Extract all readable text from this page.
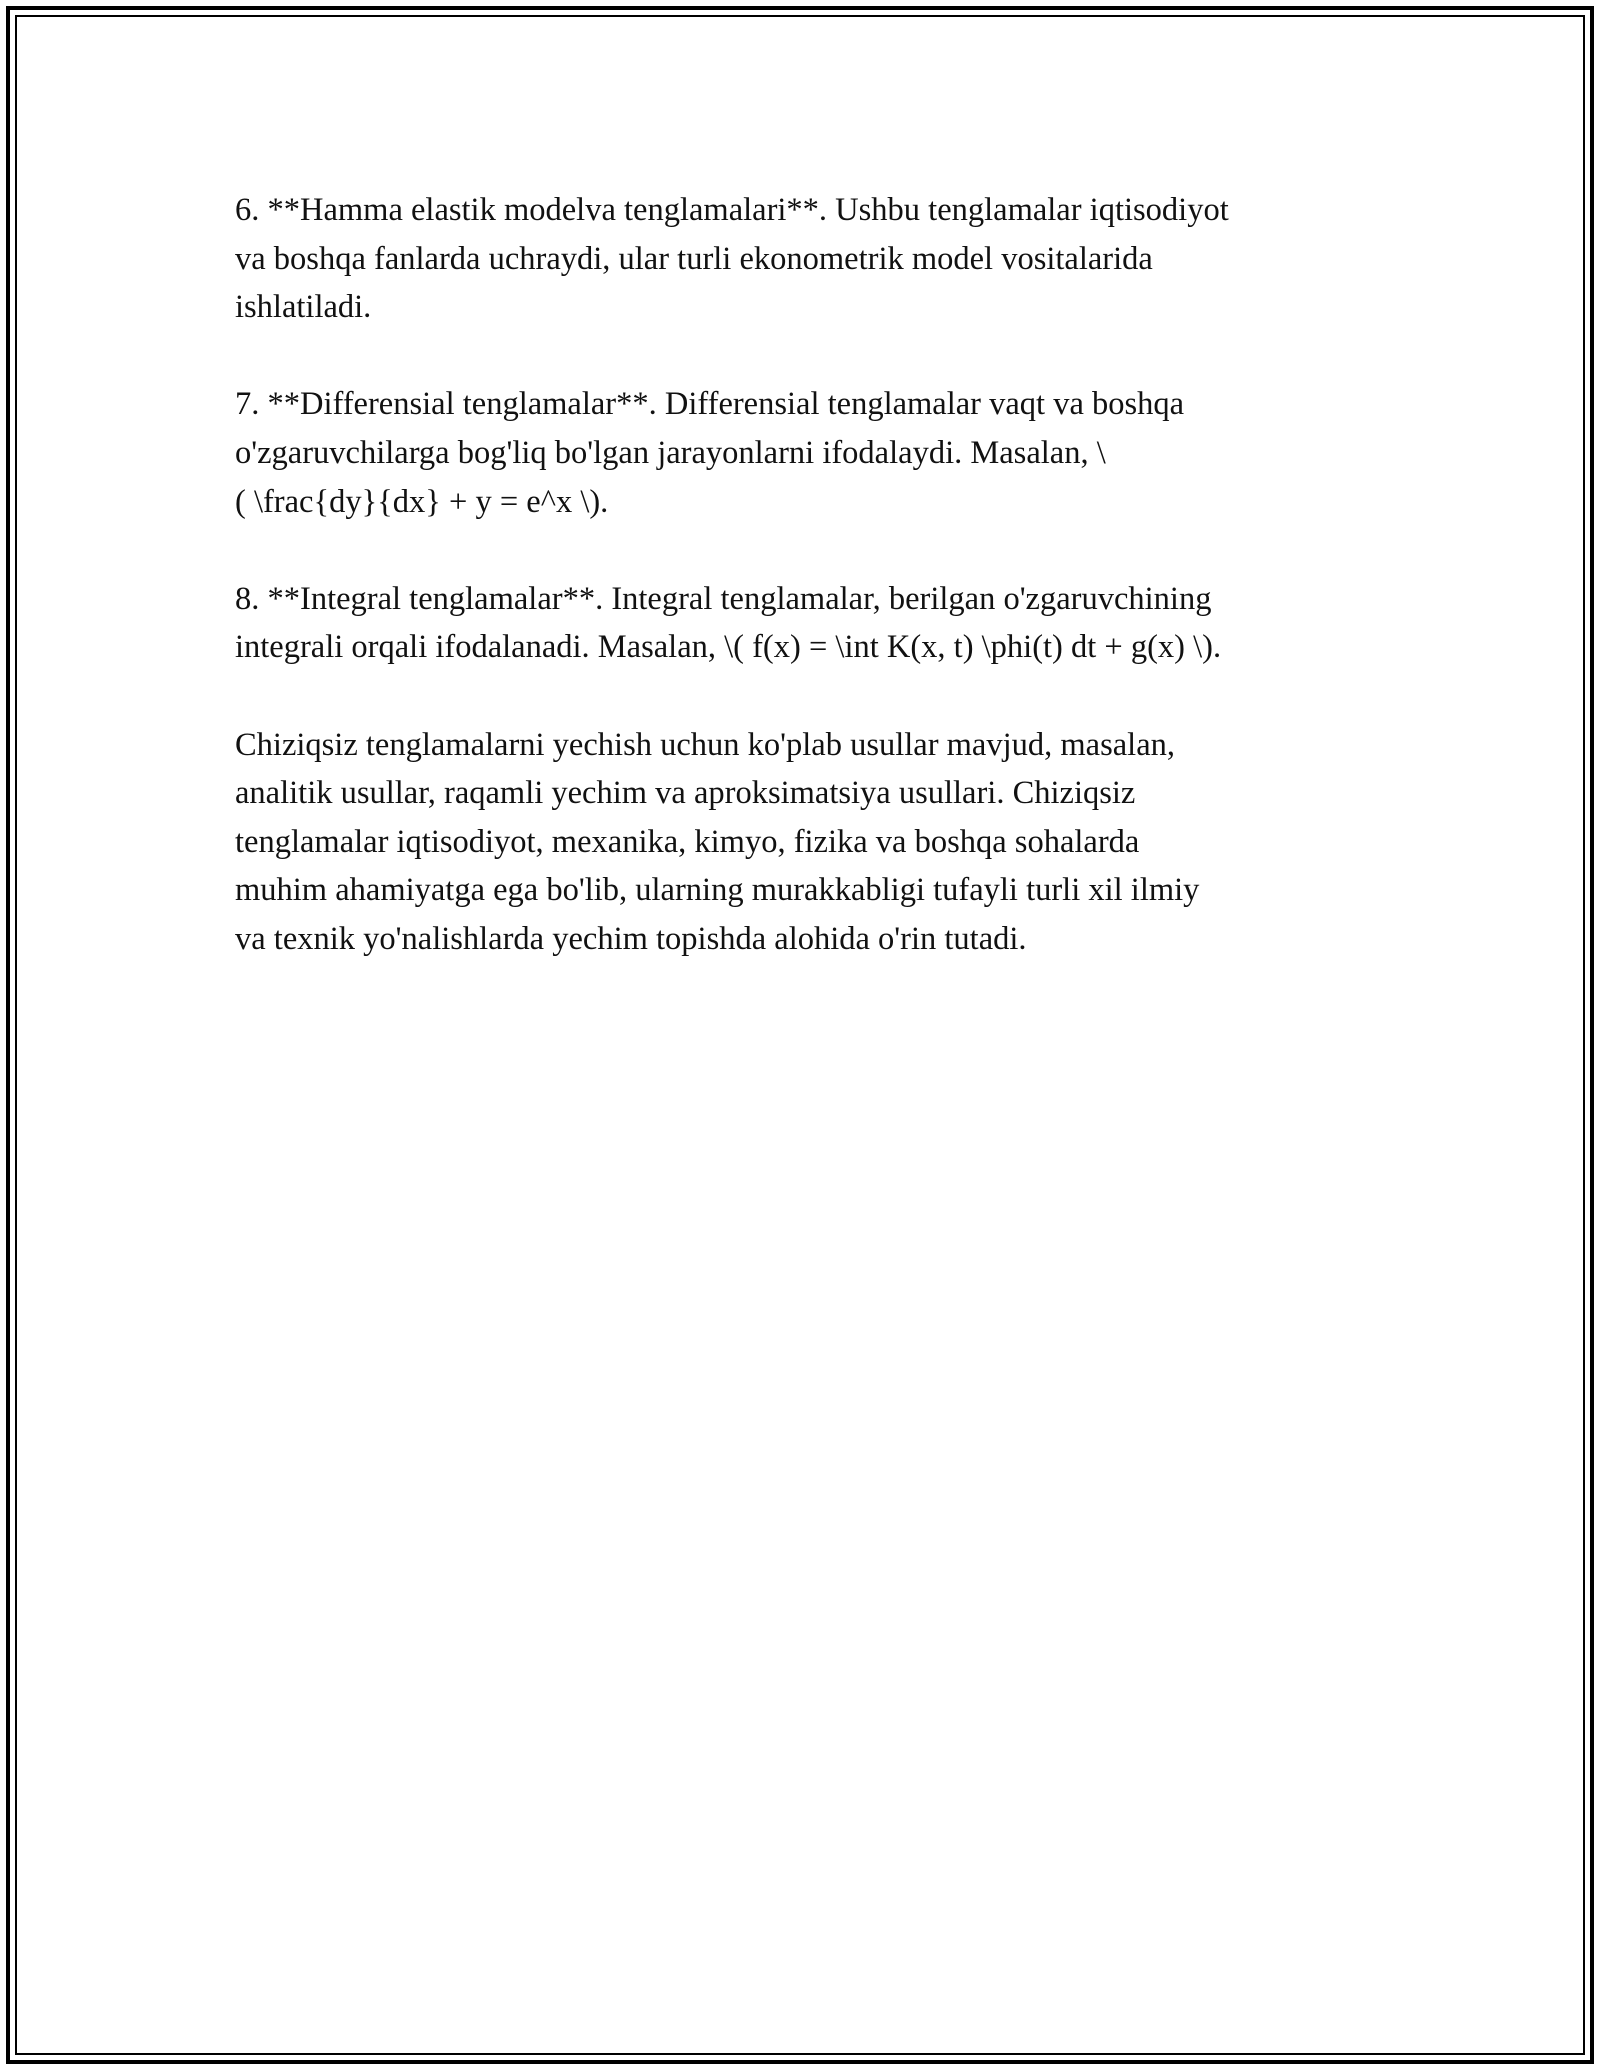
6. **Hamma elastik modelva tenglamalari**. Ushbu tenglamalar iqtisodiyot
va boshqa fanlarda uchraydi, ular turli ekonometrik model vositalarida
ishlatiladi.

7. **Differensial tenglamalar**. Differensial tenglamalar vaqt va boshqa
o'zgaruvchilarga bog'liq bo'lgan jarayonlarni ifodalaydi. Masalan, \
( \frac{dy}{dx} + y = e^x \).

8. **Integral tenglamalar**. Integral tenglamalar, berilgan o'zgaruvchining
integrali orqali ifodalanadi. Masalan, \( f(x) = \int K(x, t) \phi(t) dt + g(x) \).

Chiziqsiz tenglamalarni yechish uchun ko'plab usullar mavjud, masalan,
analitik usullar, raqamli yechim va aproksimatsiya usullari. Chiziqsiz
tenglamalar iqtisodiyot, mexanika, kimyo, fizika va boshqa sohalarda
muhim ahamiyatga ega bo'lib, ularning murakkabligi tufayli turli xil ilmiy
va texnik yo'nalishlarda yechim topishda alohida o'rin tutadi.
